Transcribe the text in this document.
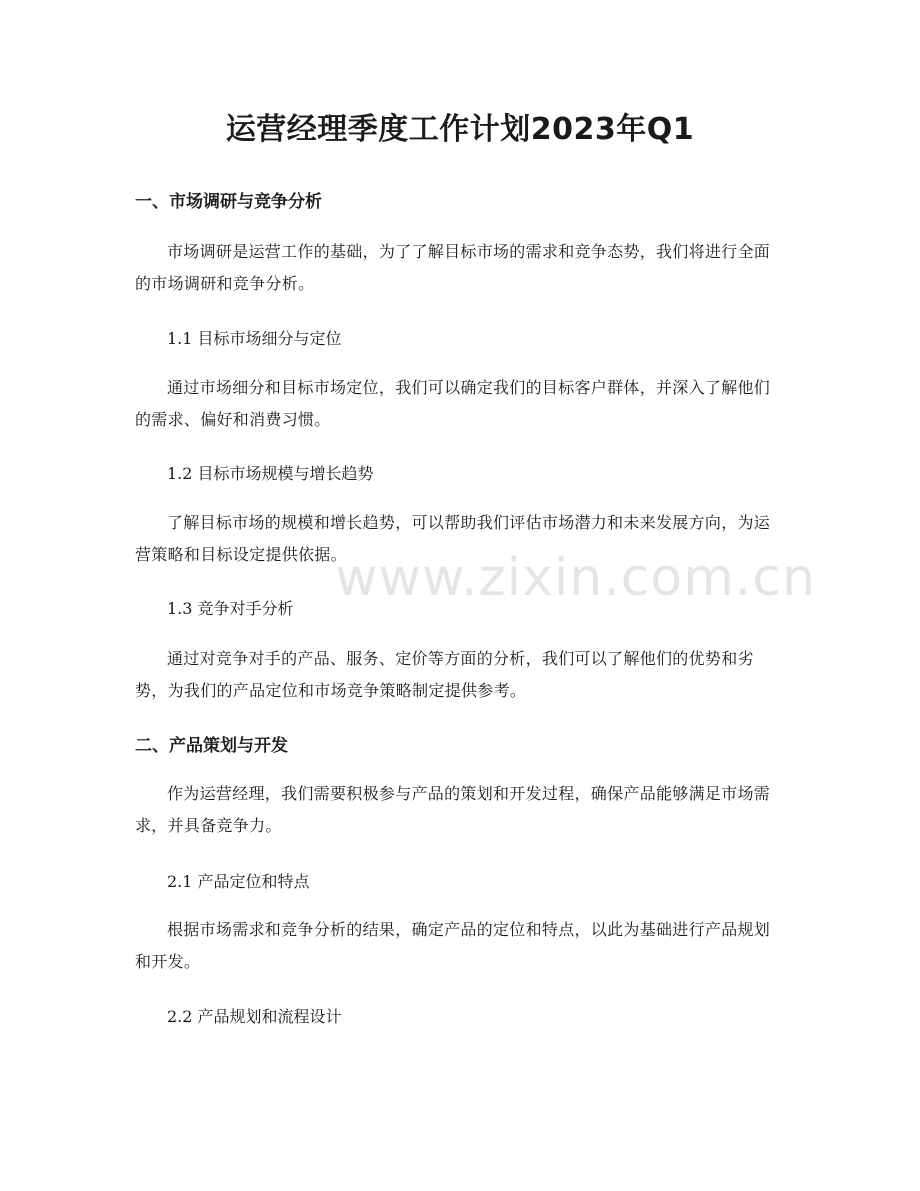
运营经理季度工作计划2023年Q1
一、市场调研与竞争分析

市场调研是运营工作的基础，为了了解目标市场的需求和竞争态势，我们将进行全面的市场调研和竞争分析。

1.1 目标市场细分与定位

通过市场细分和目标市场定位，我们可以确定我们的目标客户群体，并深入了解他们的需求、偏好和消费习惯。

1.2 目标市场规模与增长趋势

了解目标市场的规模和增长趋势，可以帮助我们评估市场潜力和未来发展方向，为运营策略和目标设定提供依据。

1.3 竞争对手分析

通过对竞争对手的产品、服务、定价等方面的分析，我们可以了解他们的优势和劣势，为我们的产品定位和市场竞争策略制定提供参考。

二、产品策划与开发

作为运营经理，我们需要积极参与产品的策划和开发过程，确保产品能够满足市场需求，并具备竞争力。

2.1 产品定位和特点

根据市场需求和竞争分析的结果，确定产品的定位和特点，以此为基础进行产品规划和开发。

2.2 产品规划和流程设计

www.zixin.com.cn
